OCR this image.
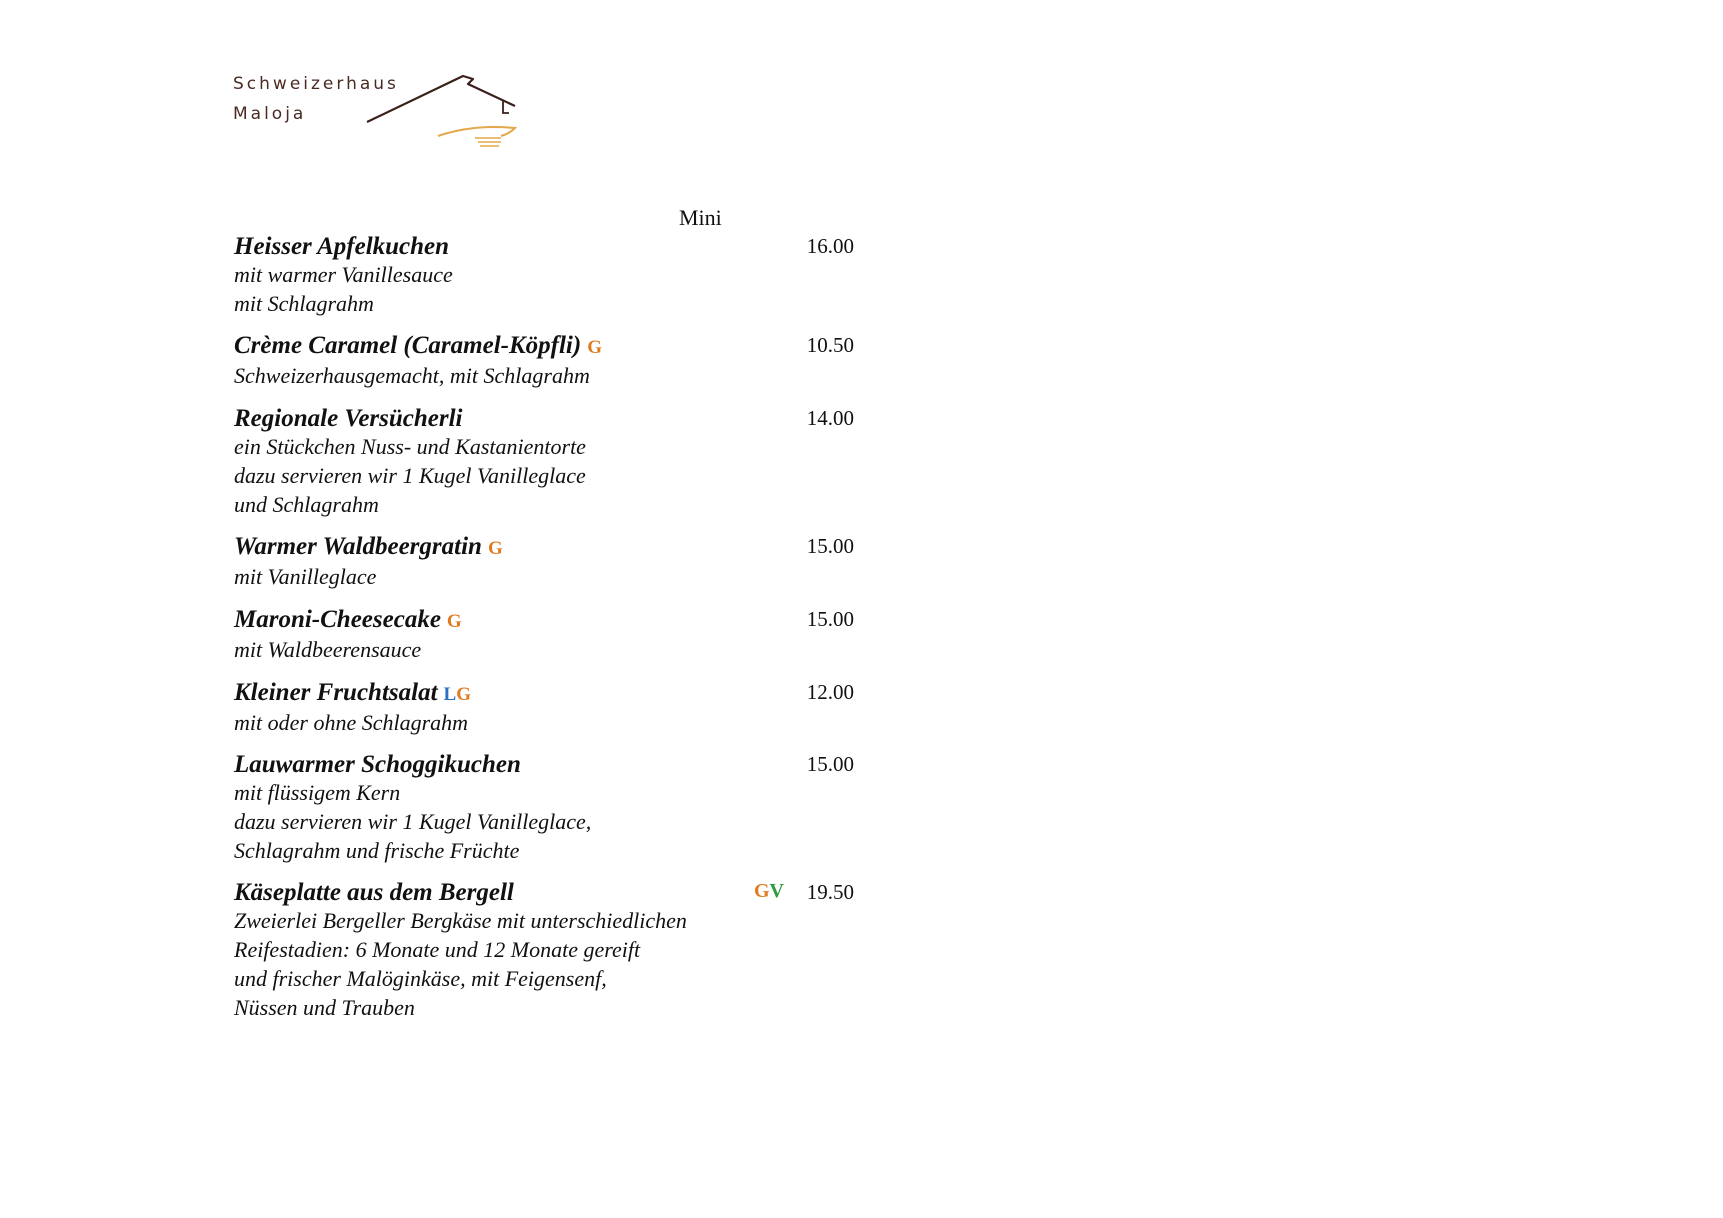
Schweizerhaus
Maloja
Mini
Heisser Apfelkuchen	16.00
mit warmer Vanillesauce
mit Schlagrahm
Crème Caramel (Caramel-Köpfli) G	10.50
Schweizerhausgemacht, mit Schlagrahm
Regionale Versücherli	14.00
ein Stückchen Nuss- und Kastanientorte
dazu servieren wir 1 Kugel Vanilleglace
und Schlagrahm
Warmer Waldbeergratin G	15.00
mit Vanilleglace
Maroni-Cheesecake G	15.00
mit Waldbeerensauce
Kleiner Fruchtsalat LG	12.00
mit oder ohne Schlagrahm
Lauwarmer Schoggikuchen	15.00
mit flüssigem Kern
dazu servieren wir 1 Kugel Vanilleglace,
Schlagrahm und frische Früchte
Käseplatte aus dem Bergell	GV 19.50
Zweierlei Bergeller Bergkäse mit unterschiedlichen
Reifestadien: 6 Monate und 12 Monate gereift
und frischer Malöginkäse, mit Feigensenf,
Nüssen und Trauben
